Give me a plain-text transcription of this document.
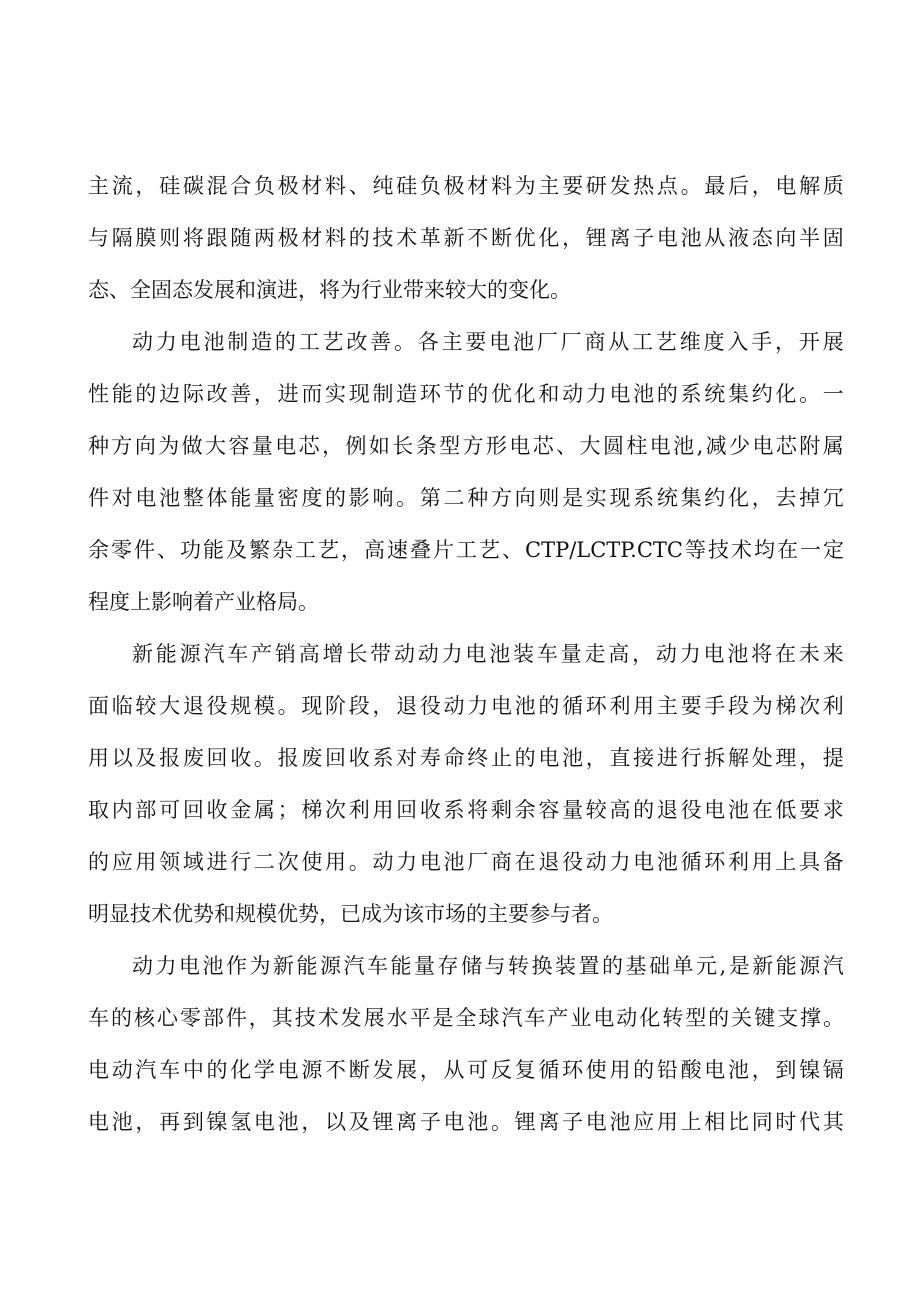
主 流 ， 硅 碳 混 合 负 极 材 料 、 纯 硅 负 极 材 料 为 主 要 研 发 热 点 。 最 后 ， 电 解 质
与 隔 膜 则 将 跟 随 两 极 材 料 的 技 术 革 新 不 断 优 化 ， 锂 离 子 电 池 从 液 态 向 半 固
态、全固态发展和演进，将为行业带来较大的变化。
动 力 电 池 制 造 的 工 艺 改 善 。 各 主 要 电 池 厂 厂 商 从 工 艺 维 度 入 手 ， 开 展
性 能 的 边 际 改 善 ， 进 而 实 现 制 造 环 节 的 优 化 和 动 力 电 池 的 系 统 集 约 化 。 一
种 方 向 为 做 大 容 量 电 芯 ， 例 如 长 条 型 方 形 电 芯 、 大 圆 柱 电 池 , 减 少 电 芯 附 属
件 对 电 池 整 体 能 量 密 度 的 影 响 。 第 二 种 方 向 则 是 实 现 系 统 集 约 化 ， 去 掉 冗
余 零 件 、 功 能 及 繁 杂 工 艺 ， 高 速 叠 片 工 艺 、 CTP/LCTP.CTC 等 技 术 均 在 一 定
程度上影响着产业格局。
新 能 源 汽 车 产 销 高 增 长 带 动 动 力 电 池 装 车 量 走 高 ， 动 力 电 池 将 在 未 来
面 临 较 大 退 役 规 模 。 现 阶 段 ， 退 役 动 力 电 池 的 循 环 利 用 主 要 手 段 为 梯 次 利
用 以 及 报 废 回 收 。 报 废 回 收 系 对 寿 命 终 止 的 电 池 ， 直 接 进 行 拆 解 处 理 ， 提
取 内 部 可 回 收 金 属 ； 梯 次 利 用 回 收 系 将 剩 余 容 量 较 高 的 退 役 电 池 在 低 要 求
的 应 用 领 域 进 行 二 次 使 用 。 动 力 电 池 厂 商 在 退 役 动 力 电 池 循 环 利 用 上 具 备
明显技术优势和规模优势，已成为该市场的主要参与者。
动 力 电 池 作 为 新 能 源 汽 车 能 量 存 储 与 转 换 装 置 的 基 础 单 元 , 是 新 能 源 汽
车 的 核 心 零 部 件 ， 其 技 术 发 展 水 平 是 全 球 汽 车 产 业 电 动 化 转 型 的 关 键 支 撑 。
电 动 汽 车 中 的 化 学 电 源 不 断 发 展 ， 从 可 反 复 循 环 使 用 的 铅 酸 电 池 ， 到 镍 镉
电 池 ， 再 到 镍 氢 电 池 ， 以 及 锂 离 子 电 池 。 锂 离 子 电 池 应 用 上 相 比 同 时 代 其
